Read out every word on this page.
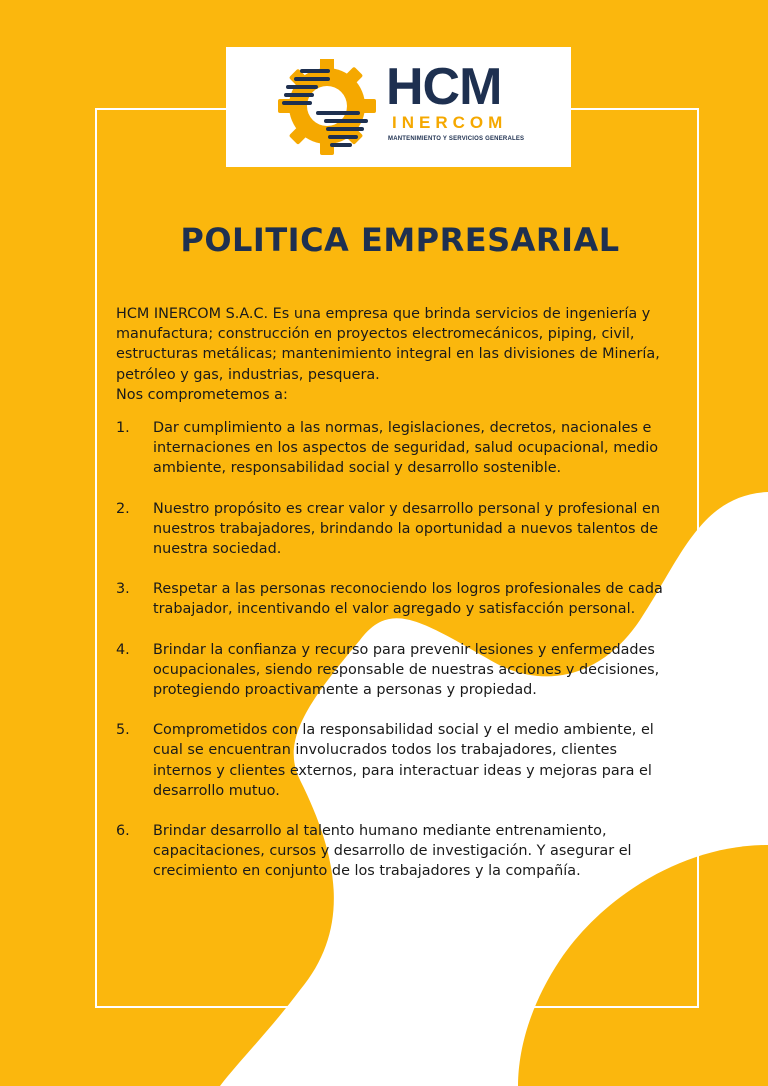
HCM
INERCOM
MANTENIMIENTO Y SERVICIOS GENERALES
POLITICA EMPRESARIAL

HCM INERCOM S.A.C. Es una empresa que brinda servicios de ingeniería y manufactura; construcción en proyectos electromecánicos, piping, civil, estructuras metálicas; mantenimiento integral en las divisiones de Minería, petróleo y gas, industrias, pesquera.
Nos comprometemos a:

1.	Dar cumplimiento a las normas, legislaciones, decretos, nacionales e internaciones en los aspectos de seguridad, salud ocupacional, medio ambiente, responsabilidad social y desarrollo sostenible.
2.	Nuestro propósito es crear valor y desarrollo personal y profesional en nuestros trabajadores, brindando la oportunidad a nuevos talentos de nuestra sociedad.
3.	Respetar a las personas reconociendo los logros profesionales de cada trabajador, incentivando el valor agregado y satisfacción personal.
4.	Brindar la confianza y recurso para prevenir lesiones y enfermedades ocupacionales, siendo responsable de nuestras acciones y decisiones, protegiendo proactivamente a personas y propiedad.
5.	Comprometidos con la responsabilidad social y el medio ambiente, el cual se encuentran involucrados todos los trabajadores, clientes internos y clientes externos, para interactuar ideas y mejoras para el desarrollo mutuo.
6.	Brindar desarrollo al talento humano mediante entrenamiento, capacitaciones, cursos y desarrollo de investigación. Y asegurar el crecimiento en conjunto de los trabajadores y la compañía.
